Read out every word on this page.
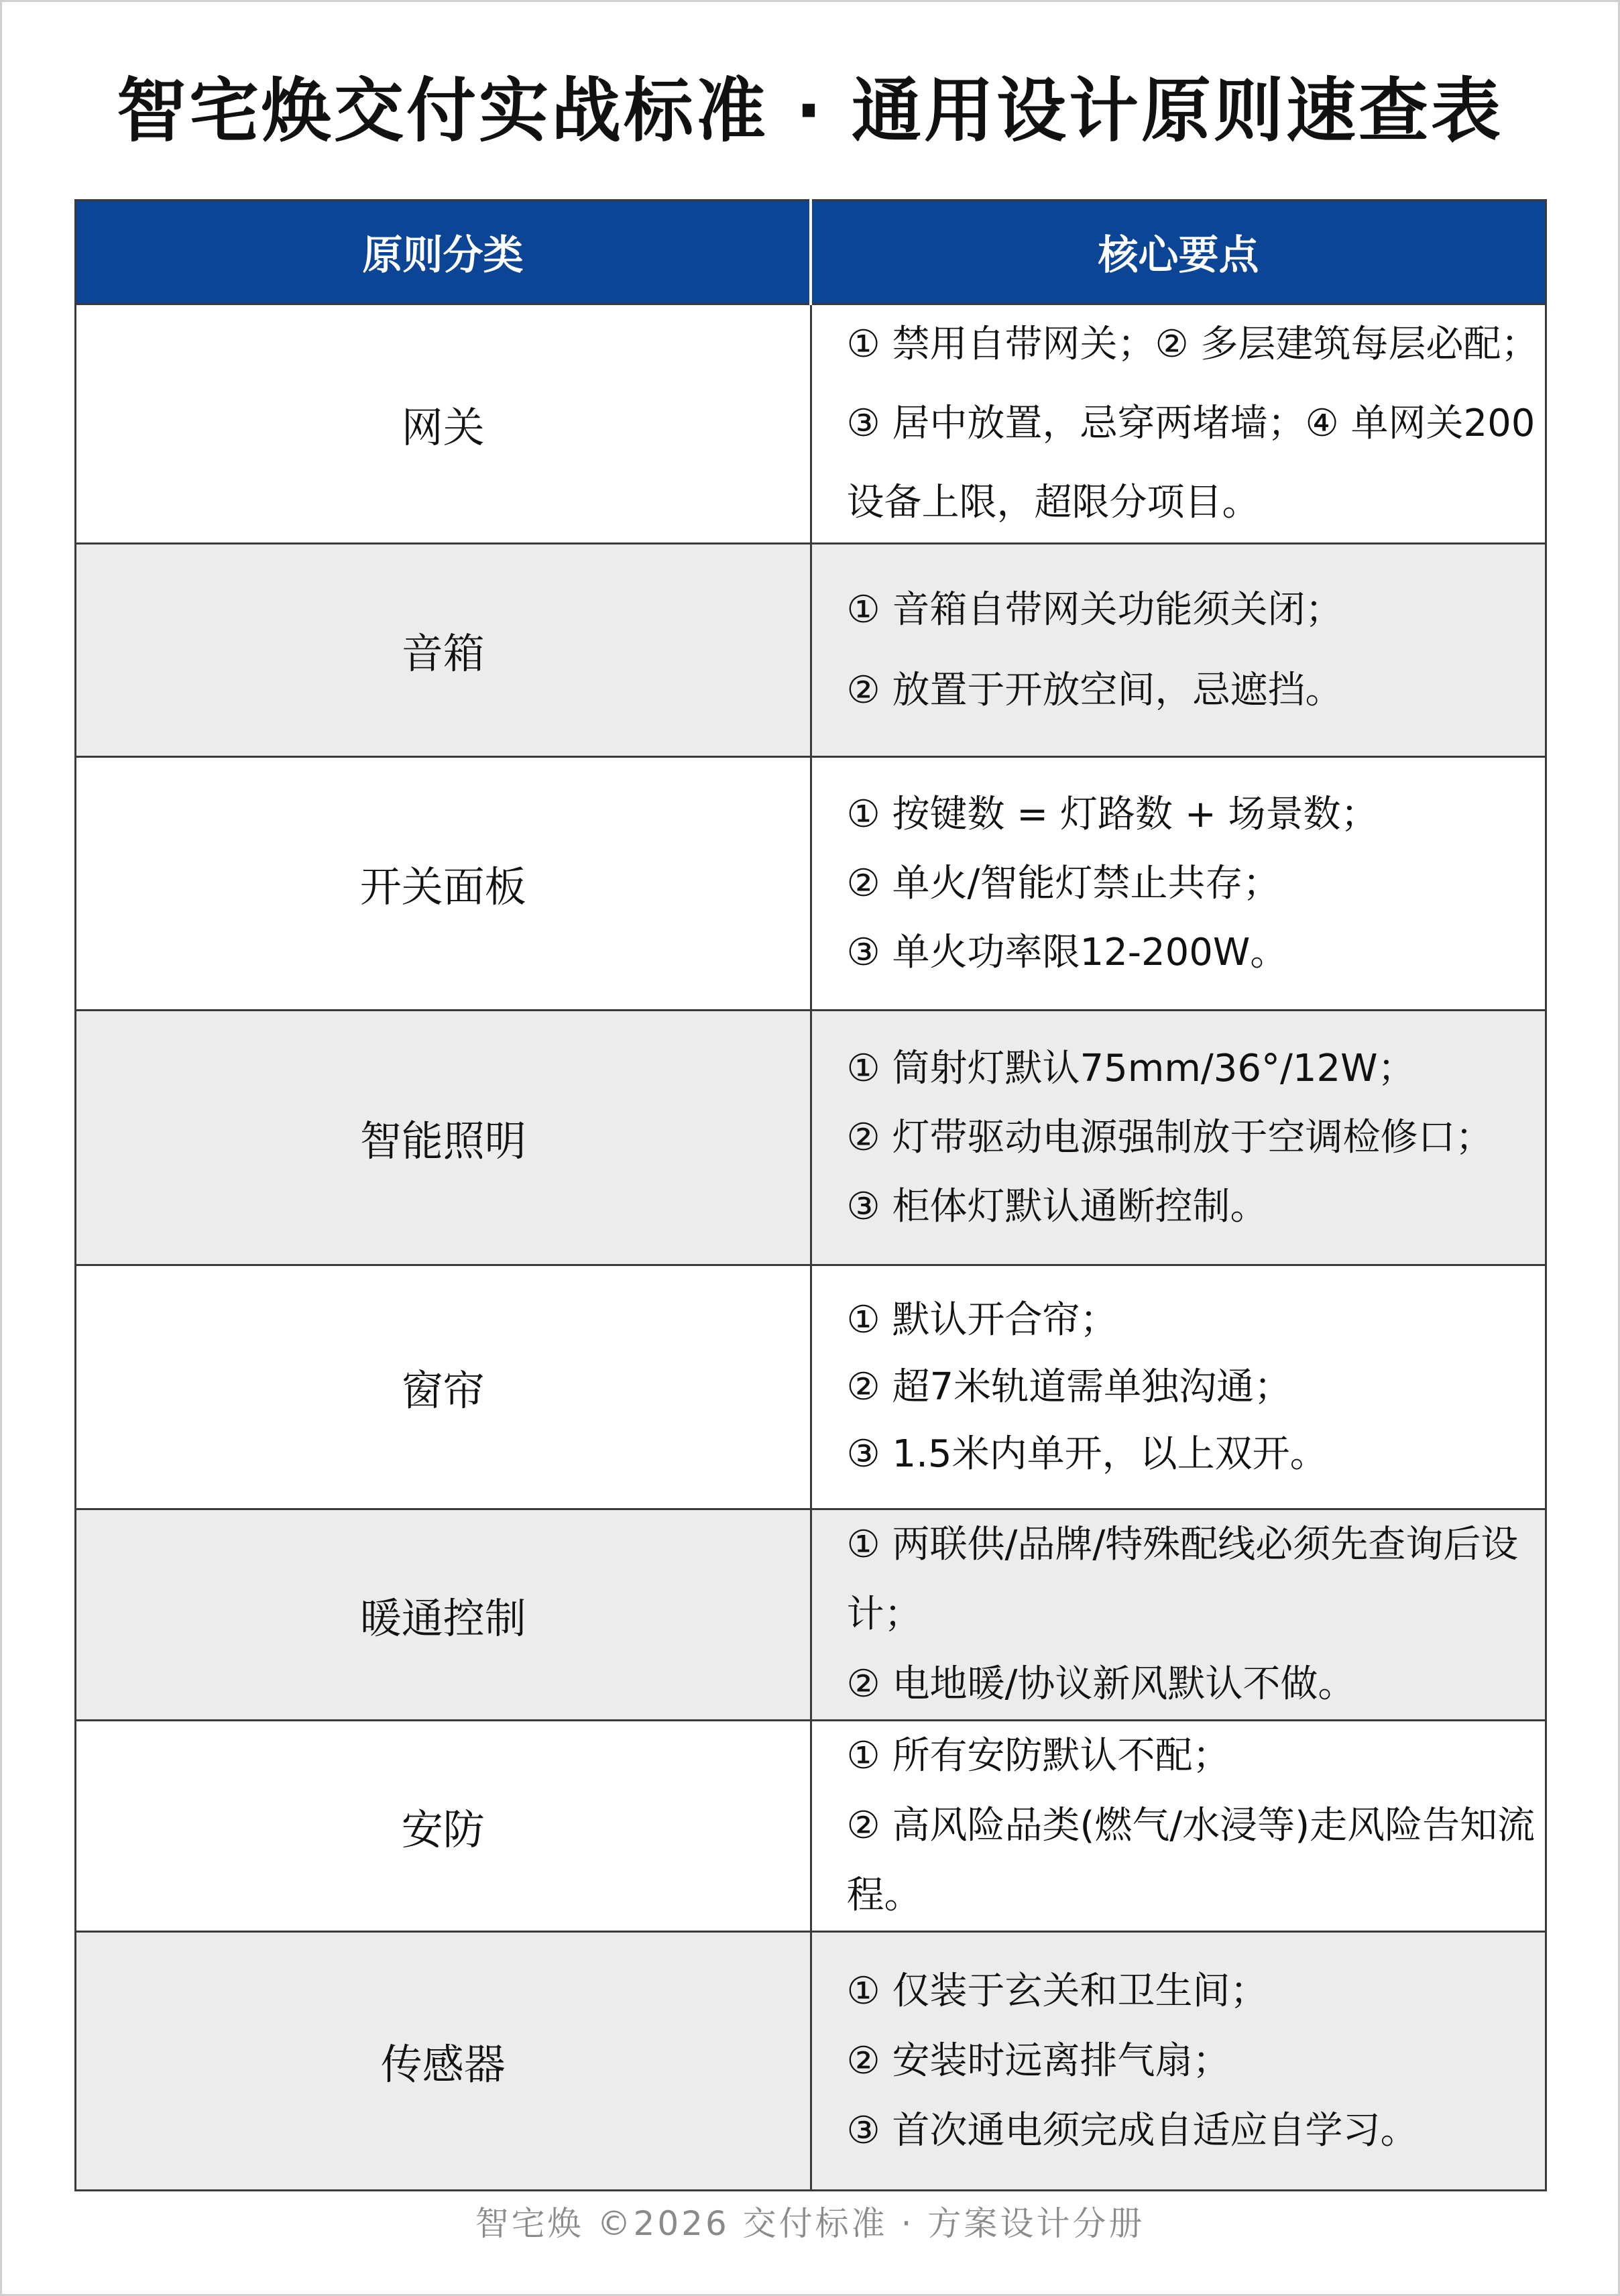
智宅焕交付实战标准 · 通用设计原则速查表
原则分类	核心要点
网关	① 禁用自带网关；② 多层建筑每层必配；
③ 居中放置，忌穿两堵墙；④ 单网关200设备上限，超限分项目。

音箱	① 音箱自带网关功能须关闭；
② 放置于开放空间，忌遮挡。

开关面板	① 按键数 = 灯路数 + 场景数；
② 单火/智能灯禁止共存；
③ 单火功率限12-200W。

智能照明	① 筒射灯默认75mm/36°/12W；
② 灯带驱动电源强制放于空调检修口；
③ 柜体灯默认通断控制。

窗帘	① 默认开合帘；
② 超7米轨道需单独沟通；
③ 1.5米内单开，以上双开。

暖通控制	① 两联供/品牌/特殊配线必须先查询后设计；
② 电地暖/协议新风默认不做。

安防	① 所有安防默认不配；
② 高风险品类(燃气/水浸等)走风险告知流程。

传感器	① 仅装于玄关和卫生间；
② 安装时远离排气扇；
③ 首次通电须完成自适应自学习。
智宅焕 ©2026 交付标准 · 方案设计分册
